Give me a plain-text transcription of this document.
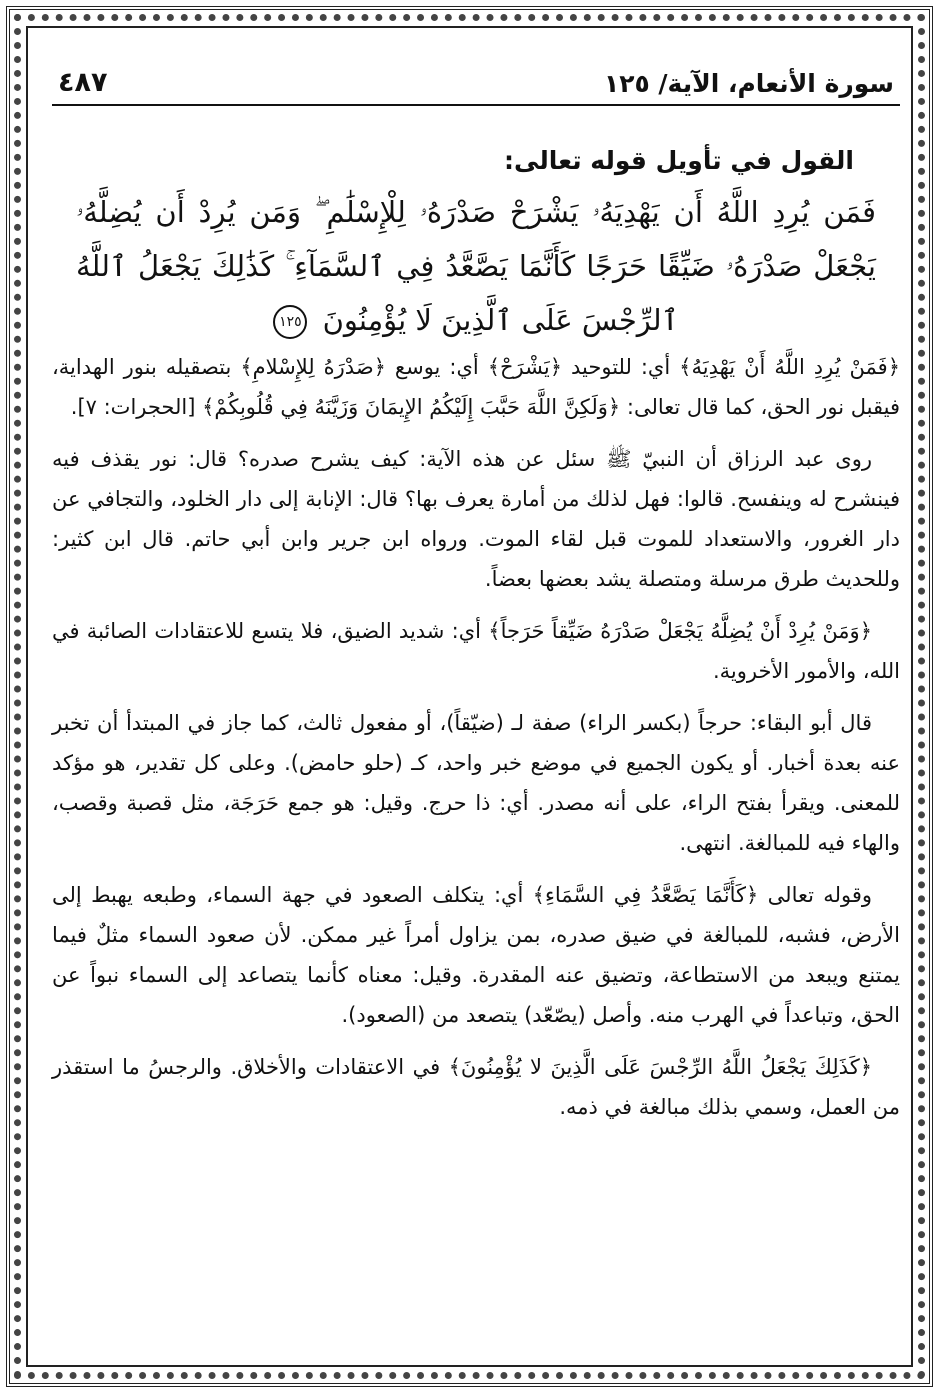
سورة الأنعام، الآية/ ١٢٥
٤٨٧
القول في تأويل قوله تعالى:
فَمَن يُرِدِ اللَّهُ أَن يَهْدِيَهُۥ يَشْرَحْ صَدْرَهُۥ لِلْإِسْلَٰمِ ۖ وَمَن يُرِدْ أَن يُضِلَّهُۥ يَجْعَلْ صَدْرَهُۥ ضَيِّقًا حَرَجًا كَأَنَّمَا يَصَّعَّدُ فِي ٱلسَّمَآءِ ۚ كَذَٰلِكَ يَجْعَلُ ٱللَّهُ ٱلرِّجْسَ عَلَى ٱلَّذِينَ لَا يُؤْمِنُونَ ١٢٥

﴿فَمَنْ يُرِدِ اللَّهُ أَنْ يَهْدِيَهُ﴾ أي: للتوحيد ﴿يَشْرَحْ﴾ أي: يوسع ﴿صَدْرَهُ لِلإِسْلامِ﴾ بتصقيله بنور الهداية، فيقبل نور الحق، كما قال تعالى: ﴿وَلَكِنَّ اللَّهَ حَبَّبَ إِلَيْكُمُ الإِيمَانَ وَزَيَّنَهُ فِي قُلُوبِكُمْ﴾ [الحجرات: ٧].

روى عبد الرزاق أن النبيّ ﷺ سئل عن هذه الآية: كيف يشرح صدره؟ قال: نور يقذف فيه فينشرح له وينفسح. قالوا: فهل لذلك من أمارة يعرف بها؟ قال: الإنابة إلى دار الخلود، والتجافي عن دار الغرور، والاستعداد للموت قبل لقاء الموت. ورواه ابن جرير وابن أبي حاتم. قال ابن كثير: وللحديث طرق مرسلة ومتصلة يشد بعضها بعضاً.

﴿وَمَنْ يُرِدْ أَنْ يُضِلَّهُ يَجْعَلْ صَدْرَهُ ضَيِّقاً حَرَجاً﴾ أي: شديد الضيق، فلا يتسع للاعتقادات الصائبة في الله، والأمور الأخروية.

قال أبو البقاء: حرجاً (بكسر الراء) صفة لـ (ضيّقاً)، أو مفعول ثالث، كما جاز في المبتدأ أن تخبر عنه بعدة أخبار. أو يكون الجميع في موضع خبر واحد، كـ (حلو حامض). وعلى كل تقدير، هو مؤكد للمعنى. ويقرأ بفتح الراء، على أنه مصدر. أي: ذا حرج. وقيل: هو جمع حَرَجَة، مثل قصبة وقصب، والهاء فيه للمبالغة. انتهى.

وقوله تعالى ﴿كَأَنَّمَا يَصَّعَّدُ فِي السَّمَاءِ﴾ أي: يتكلف الصعود في جهة السماء، وطبعه يهبط إلى الأرض، فشبه، للمبالغة في ضيق صدره، بمن يزاول أمراً غير ممكن. لأن صعود السماء مثلٌ فيما يمتنع ويبعد من الاستطاعة، وتضيق عنه المقدرة. وقيل: معناه كأنما يتصاعد إلى السماء نبواً عن الحق، وتباعداً في الهرب منه. وأصل (يصّعّد) يتصعد من (الصعود).

﴿كَذَلِكَ يَجْعَلُ اللَّهُ الرِّجْسَ عَلَى الَّذِينَ لا يُؤْمِنُونَ﴾ في الاعتقادات والأخلاق. والرجسُ ما استقذر من العمل، وسمي بذلك مبالغة في ذمه.
